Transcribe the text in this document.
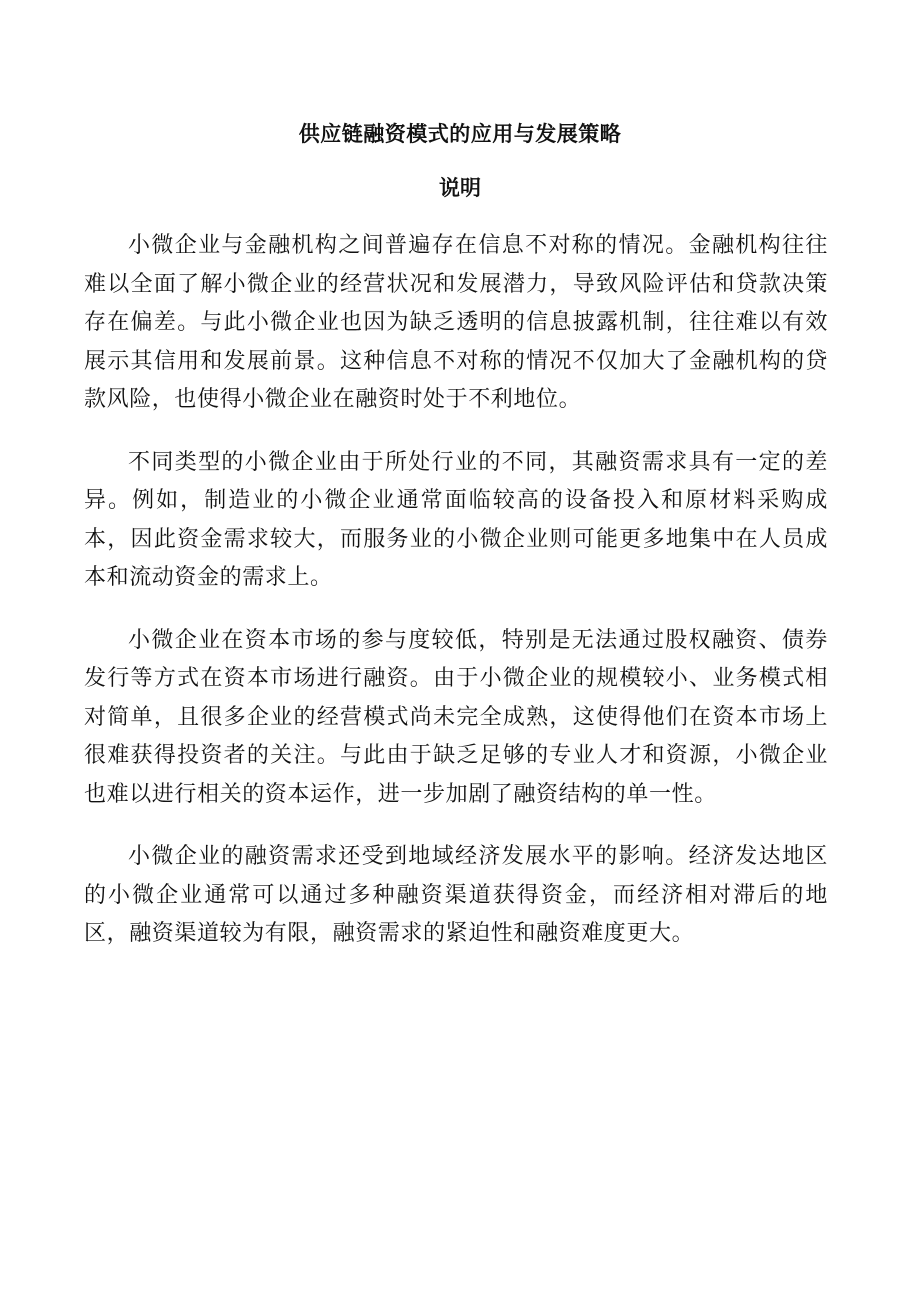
供应链融资模式的应用与发展策略
说明

小微企业与金融机构之间普遍存在信息不对称的情况。金融机构往往难以全面了解小微企业的经营状况和发展潜力，导致风险评估和贷款决策存在偏差。与此小微企业也因为缺乏透明的信息披露机制，往往难以有效展示其信用和发展前景。这种信息不对称的情况不仅加大了金融机构的贷款风险，也使得小微企业在融资时处于不利地位。

不同类型的小微企业由于所处行业的不同，其融资需求具有一定的差异。例如，制造业的小微企业通常面临较高的设备投入和原材料采购成本，因此资金需求较大，而服务业的小微企业则可能更多地集中在人员成本和流动资金的需求上。

小微企业在资本市场的参与度较低，特别是无法通过股权融资、债券发行等方式在资本市场进行融资。由于小微企业的规模较小、业务模式相对简单，且很多企业的经营模式尚未完全成熟，这使得他们在资本市场上很难获得投资者的关注。与此由于缺乏足够的专业人才和资源，小微企业也难以进行相关的资本运作，进一步加剧了融资结构的单一性。

小微企业的融资需求还受到地域经济发展水平的影响。经济发达地区的小微企业通常可以通过多种融资渠道获得资金，而经济相对滞后的地区，融资渠道较为有限，融资需求的紧迫性和融资难度更大。
